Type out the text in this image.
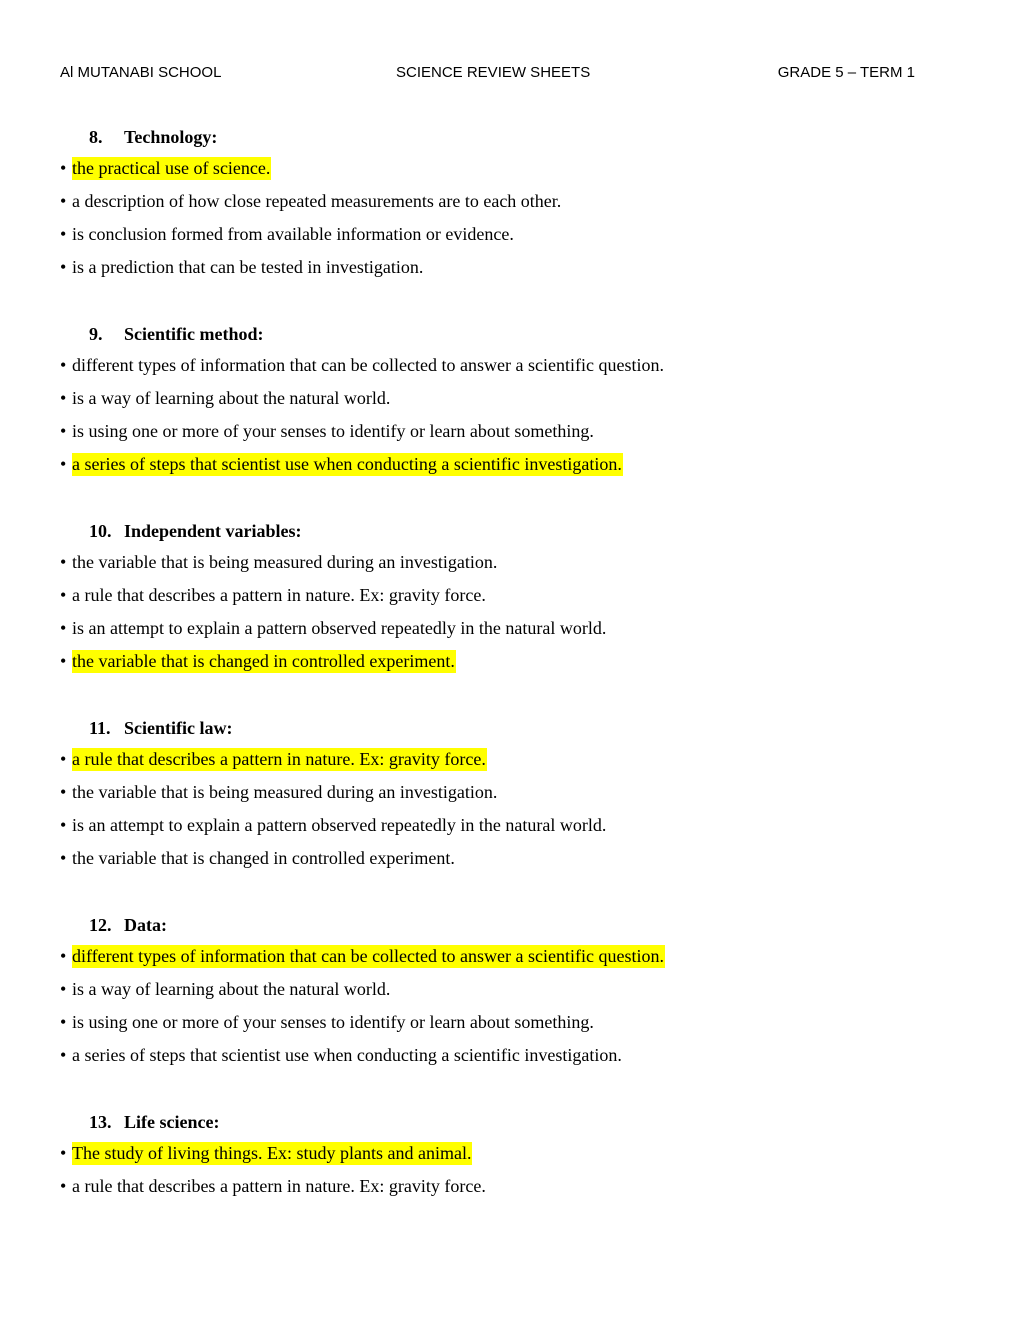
Al MUTANABI SCHOOL	SCIENCE REVIEW SHEETS	GRADE 5 – TERM 1
8. Technology:
• the practical use of science.
• a description of how close repeated measurements are to each other.
• is conclusion formed from available information or evidence.
• is a prediction that can be tested in investigation.
9. Scientific method:
• different types of information that can be collected to answer a scientific question.
• is a way of learning about the natural world.
• is using one or more of your senses to identify or learn about something.
• a series of steps that scientist use when conducting a scientific investigation.
10. Independent variables:
• the variable that is being measured during an investigation.
• a rule that describes a pattern in nature. Ex: gravity force.
• is an attempt to explain a pattern observed repeatedly in the natural world.
• the variable that is changed in controlled experiment.
11. Scientific law:
• a rule that describes a pattern in nature. Ex: gravity force.
• the variable that is being measured during an investigation.
• is an attempt to explain a pattern observed repeatedly in the natural world.
• the variable that is changed in controlled experiment.
12. Data:
• different types of information that can be collected to answer a scientific question.
• is a way of learning about the natural world.
• is using one or more of your senses to identify or learn about something.
• a series of steps that scientist use when conducting a scientific investigation.
13. Life science:
• The study of living things. Ex: study plants and animal.
• a rule that describes a pattern in nature. Ex: gravity force.
